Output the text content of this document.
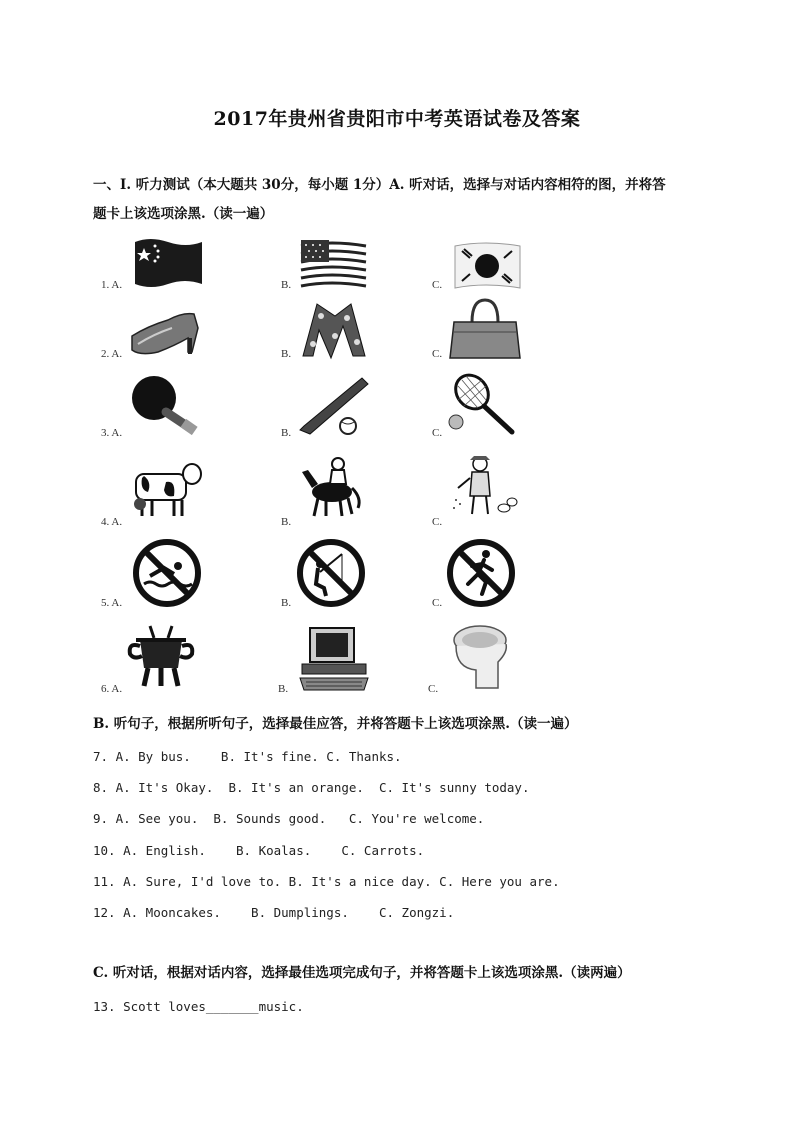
2017年贵州省贵阳市中考英语试卷及答案
一、I. 听力测试（本大题共 30分，每小题 1分）A. 听对话，选择与对话内容相符的图，并将答
题卡上该选项涂黑.（读一遍）
1. A.	B.	C.
2. A.	B.	C.
3. A.	B.	C.
4. A.	B.	C.
5. A.	B.	C.
6. A.	B.	C.
B. 听句子，根据所听句子，选择最佳应答，并将答题卡上该选项涂黑.（读一遍）
7. A. By bus.    B. It's fine. C. Thanks.
8. A. It's Okay.  B. It's an orange.  C. It's sunny today.
9. A. See you.  B. Sounds good.   C. You're welcome.
10. A. English.    B. Koalas.    C. Carrots.
11. A. Sure, I'd love to. B. It's a nice day. C. Here you are.
12. A. Mooncakes.    B. Dumplings.    C. Zongzi.
C. 听对话，根据对话内容，选择最佳选项完成句子，并将答题卡上该选项涂黑.（读两遍）
13. Scott loves_______music.
